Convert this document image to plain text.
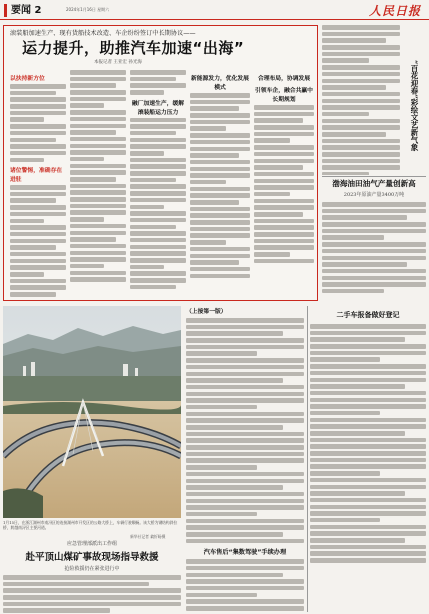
要闻 2	2024年1月16日 星期六	人民日报
滚装船加速生产、现有货船技术改造、车企纷纷签订中长期协议——
运力提升，助推汽车加速“出海”
本报记者 王亚宏 孙光海
以扶持新方位
诸位警惕，准确存在进驻
融厂加速生产，缓解滚装船运力压力
新能源发力，优化发展模式
合理布局，协调发展
引领车企，融合共赢中长期规划	“百花迎春”彩绘文艺新气象
渤海油田油气产量创新高
2023年原油产量3400万吨
1月15日，在浙江湖州市南浔区的连接湖州市开发区的公路大桥上，车辆行驶顺畅。该大桥为钢结构斜拉桥，跨越南浔区主要河道。
新华社记者 翁忻旸摄
应急管理部派出工作组
赴平顶山煤矿事故现场指导救援
抢险救援仍在紧张进行中
（上接第一版）
汽车售后“集数驾驶”手续办理
二手车报备做好登记
